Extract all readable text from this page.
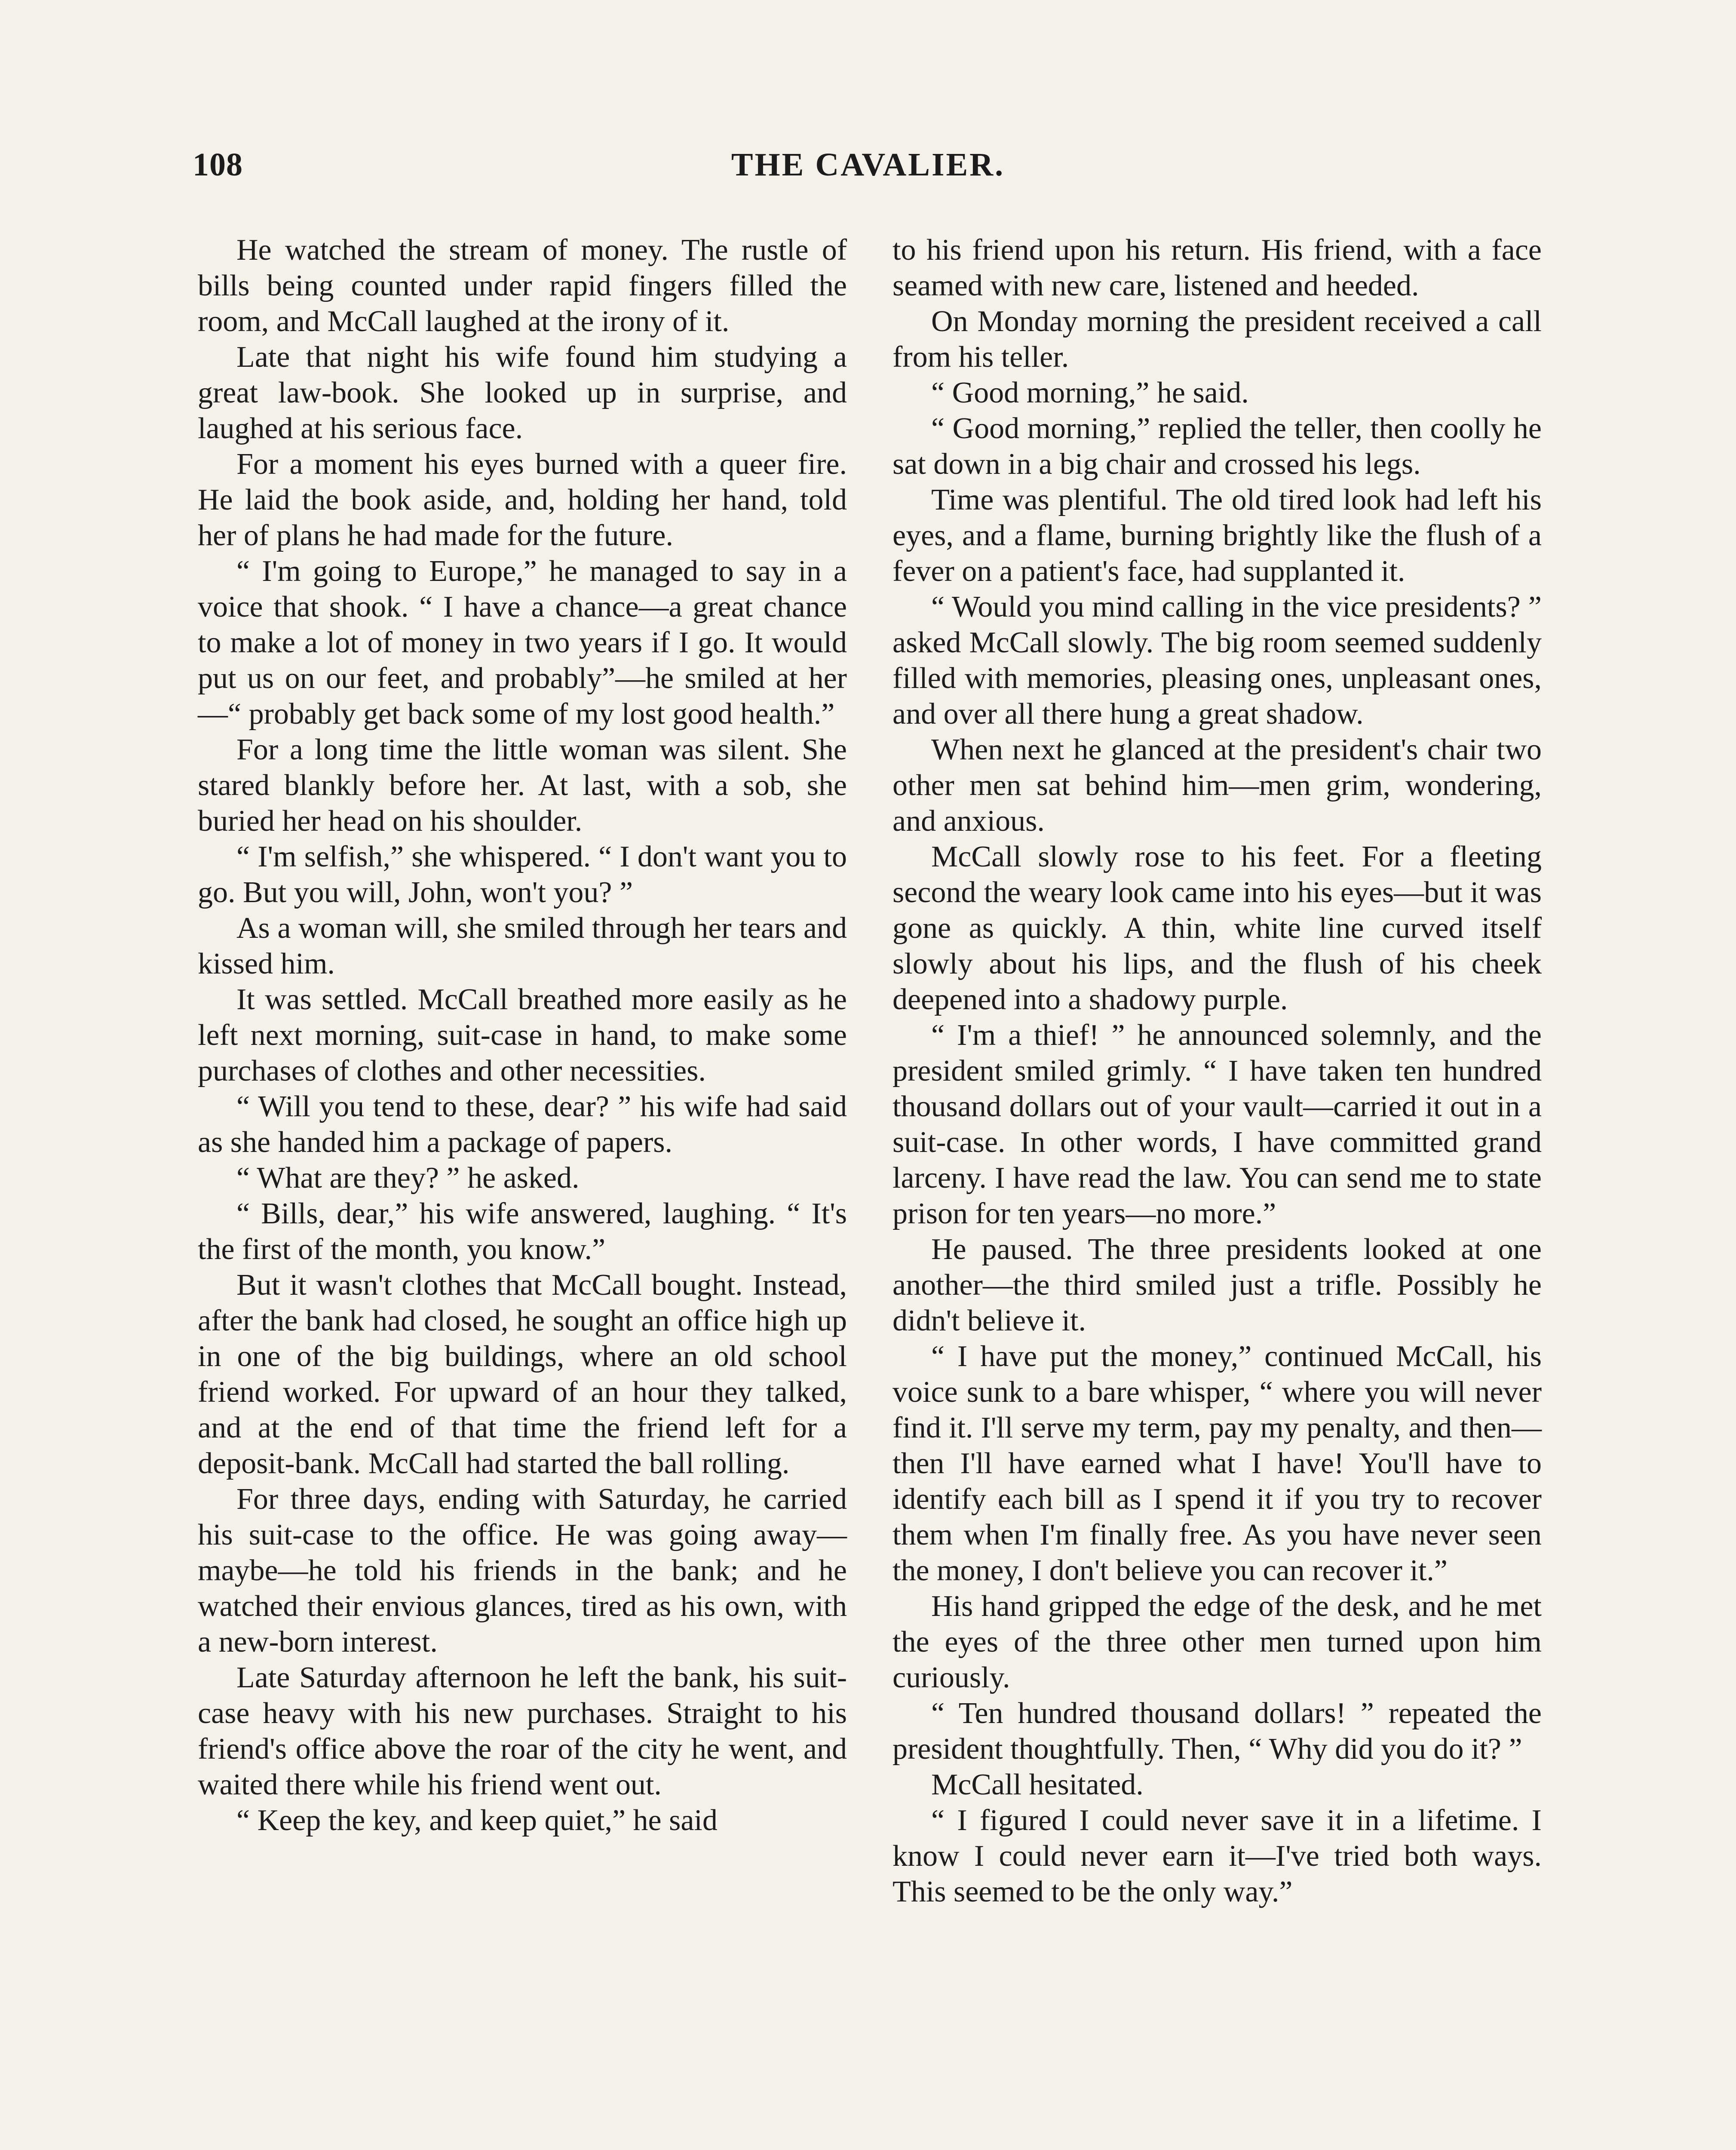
108	THE CAVALIER.

He watched the stream of money. The rustle of bills being counted under rapid fingers filled the room, and McCall laughed at the irony of it.

Late that night his wife found him studying a great law-book. She looked up in surprise, and laughed at his serious face.

For a moment his eyes burned with a queer fire. He laid the book aside, and, holding her hand, told her of plans he had made for the future.

“ I'm going to Europe,” he managed to say in a voice that shook. “ I have a chance—a great chance to make a lot of money in two years if I go. It would put us on our feet, and probably”—he smiled at her—“ probably get back some of my lost good health.”

For a long time the little woman was silent. She stared blankly before her. At last, with a sob, she buried her head on his shoulder.

“ I'm selfish,” she whispered. “ I don't want you to go. But you will, John, won't you? ”

As a woman will, she smiled through her tears and kissed him.

It was settled. McCall breathed more easily as he left next morning, suit-case in hand, to make some purchases of clothes and other necessities.

“ Will you tend to these, dear? ” his wife had said as she handed him a package of papers.

“ What are they? ” he asked.

“ Bills, dear,” his wife answered, laughing. “ It's the first of the month, you know.”

But it wasn't clothes that McCall bought. Instead, after the bank had closed, he sought an office high up in one of the big buildings, where an old school friend worked. For upward of an hour they talked, and at the end of that time the friend left for a deposit-bank. McCall had started the ball rolling.

For three days, ending with Saturday, he carried his suit-case to the office. He was going away—maybe—he told his friends in the bank; and he watched their envious glances, tired as his own, with a new-born interest.

Late Saturday afternoon he left the bank, his suit-case heavy with his new purchases. Straight to his friend's office above the roar of the city he went, and waited there while his friend went out.

“ Keep the key, and keep quiet,” he said

to his friend upon his return. His friend, with a face seamed with new care, listened and heeded.

On Monday morning the president received a call from his teller.

“ Good morning,” he said.

“ Good morning,” replied the teller, then coolly he sat down in a big chair and crossed his legs.

Time was plentiful. The old tired look had left his eyes, and a flame, burning brightly like the flush of a fever on a patient's face, had supplanted it.

“ Would you mind calling in the vice presidents? ” asked McCall slowly. The big room seemed suddenly filled with memories, pleasing ones, unpleasant ones, and over all there hung a great shadow.

When next he glanced at the president's chair two other men sat behind him—men grim, wondering, and anxious.

McCall slowly rose to his feet. For a fleeting second the weary look came into his eyes—but it was gone as quickly. A thin, white line curved itself slowly about his lips, and the flush of his cheek deepened into a shadowy purple.

“ I'm a thief! ” he announced solemnly, and the president smiled grimly. “ I have taken ten hundred thousand dollars out of your vault—carried it out in a suit-case. In other words, I have committed grand larceny. I have read the law. You can send me to state prison for ten years—no more.”

He paused. The three presidents looked at one another—the third smiled just a trifle. Possibly he didn't believe it.

“ I have put the money,” continued McCall, his voice sunk to a bare whisper, “ where you will never find it. I'll serve my term, pay my penalty, and then—then I'll have earned what I have! You'll have to identify each bill as I spend it if you try to recover them when I'm finally free. As you have never seen the money, I don't believe you can recover it.”

His hand gripped the edge of the desk, and he met the eyes of the three other men turned upon him curiously.

“ Ten hundred thousand dollars! ” repeated the president thoughtfully. Then, “ Why did you do it? ”

McCall hesitated.

“ I figured I could never save it in a lifetime. I know I could never earn it—I've tried both ways. This seemed to be the only way.”
